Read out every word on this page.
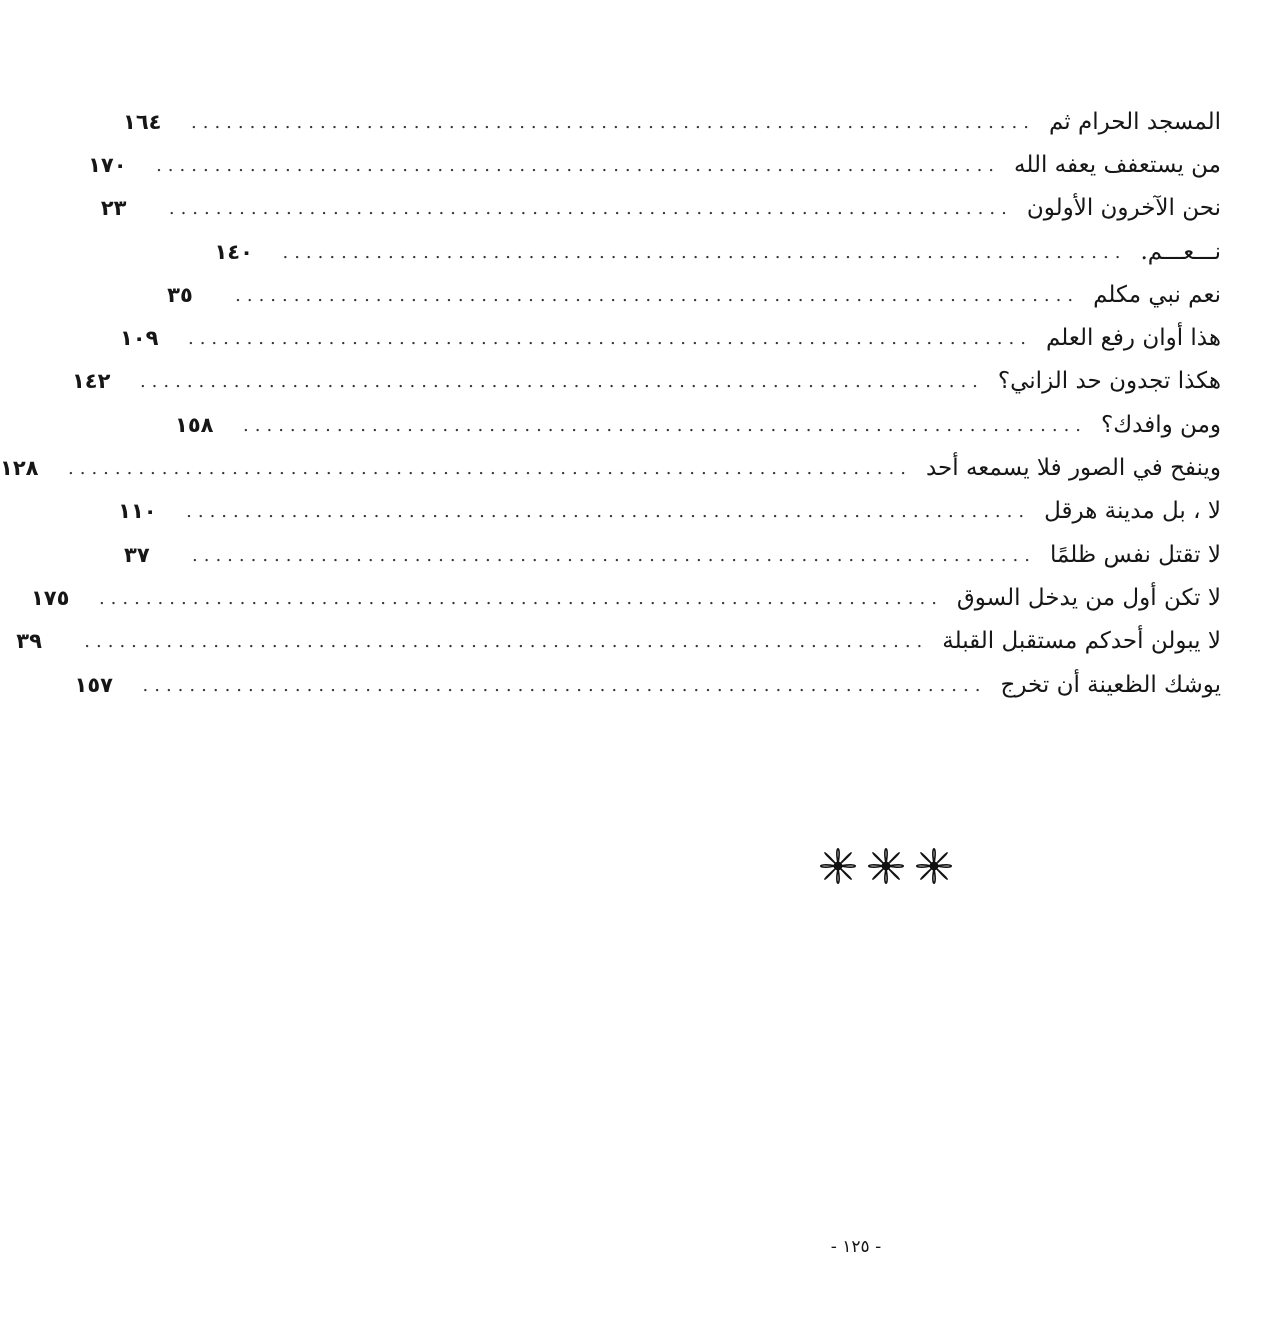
المسجد الحرام ثم
........................................................................
١٦٤
من يستعفف يعفه الله
........................................................................
١٧٠
نحن الآخرون الأولون
........................................................................
٢٣
نـــعـــم.
........................................................................
١٤٠
نعم نبي مكلم
........................................................................
٣٥
هذا أوان رفع العلم
........................................................................
١٠٩
هكذا تجدون حد الزاني؟
........................................................................
١٤٢
ومن وافدك؟
........................................................................
١٥٨
وينفح في الصور فلا يسمعه أحد
........................................................................
١٢٨
لا ، بل مدينة هرقل
........................................................................
١١٠
لا تقتل نفس ظلمًا
........................................................................
٣٧
لا تكن أول من يدخل السوق
........................................................................
١٧٥
لا يبولن أحدكم مستقبل القبلة
........................................................................
٣٩
يوشك الظعينة أن تخرج
........................................................................
١٥٧
- ١٢٥ -
